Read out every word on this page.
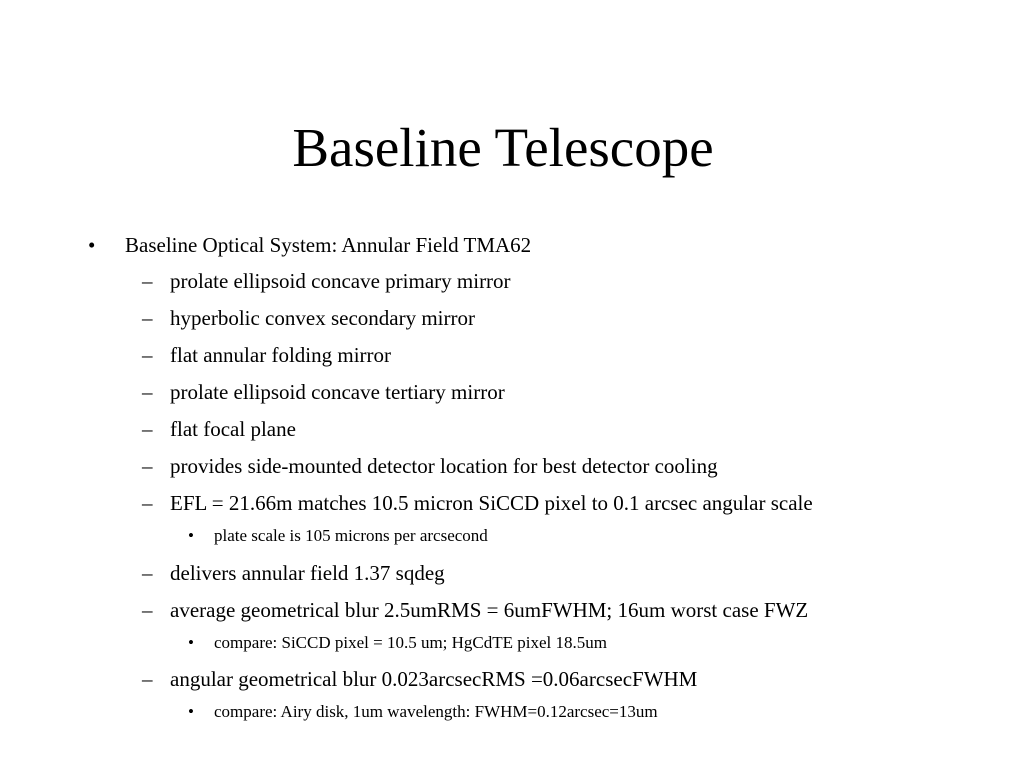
Baseline Telescope
• Baseline Optical System: Annular Field TMA62
– prolate ellipsoid concave primary mirror
– hyperbolic convex secondary mirror
– flat annular folding mirror
– prolate ellipsoid concave tertiary mirror
– flat focal plane
– provides side-mounted detector location for best detector cooling
– EFL = 21.66m matches 10.5 micron SiCCD pixel to 0.1 arcsec angular scale
• plate scale is 105 microns per arcsecond
– delivers annular field 1.37 sqdeg
– average geometrical blur 2.5umRMS = 6umFWHM; 16um worst case FWZ
• compare: SiCCD pixel = 10.5 um; HgCdTE pixel 18.5um
– angular geometrical blur 0.023arcsecRMS =0.06arcsecFWHM
• compare: Airy disk, 1um wavelength: FWHM=0.12arcsec=13um
